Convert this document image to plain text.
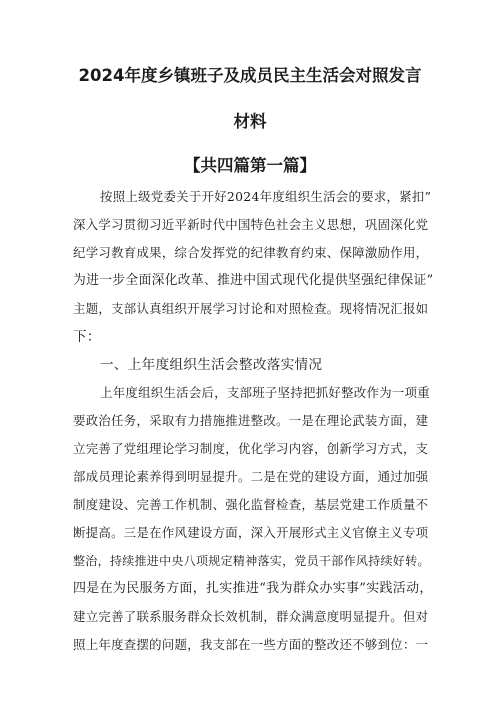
2024年度乡镇班子及成员民主生活会对照发言
材料
【共四篇第一篇】
按照上级党委关于开好2024年度组织生活会的要求，紧扣”
深入学习贯彻习近平新时代中国特色社会主义思想，巩固深化党
纪学习教育成果，综合发挥党的纪律教育约束、保障激励作用，
为进一步全面深化改革、推进中国式现代化提供坚强纪律保证”
主题，支部认真组织开展学习讨论和对照检查。现将情况汇报如
下：
一、上年度组织生活会整改落实情况
上年度组织生活会后，支部班子坚持把抓好整改作为一项重
要政治任务，采取有力措施推进整改。一是在理论武装方面，建
立完善了党组理论学习制度，优化学习内容，创新学习方式，支
部成员理论素养得到明显提升。二是在党的建设方面，通过加强
制度建设、完善工作机制、强化监督检查，基层党建工作质量不
断提高。三是在作风建设方面，深入开展形式主义官僚主义专项
整治，持续推进中央八项规定精神落实，党员干部作风持续好转。
四是在为民服务方面，扎实推进“我为群众办实事”实践活动，
建立完善了联系服务群众长效机制，群众满意度明显提升。但对
照上年度查摆的问题，我支部在一些方面的整改还不够到位：一
